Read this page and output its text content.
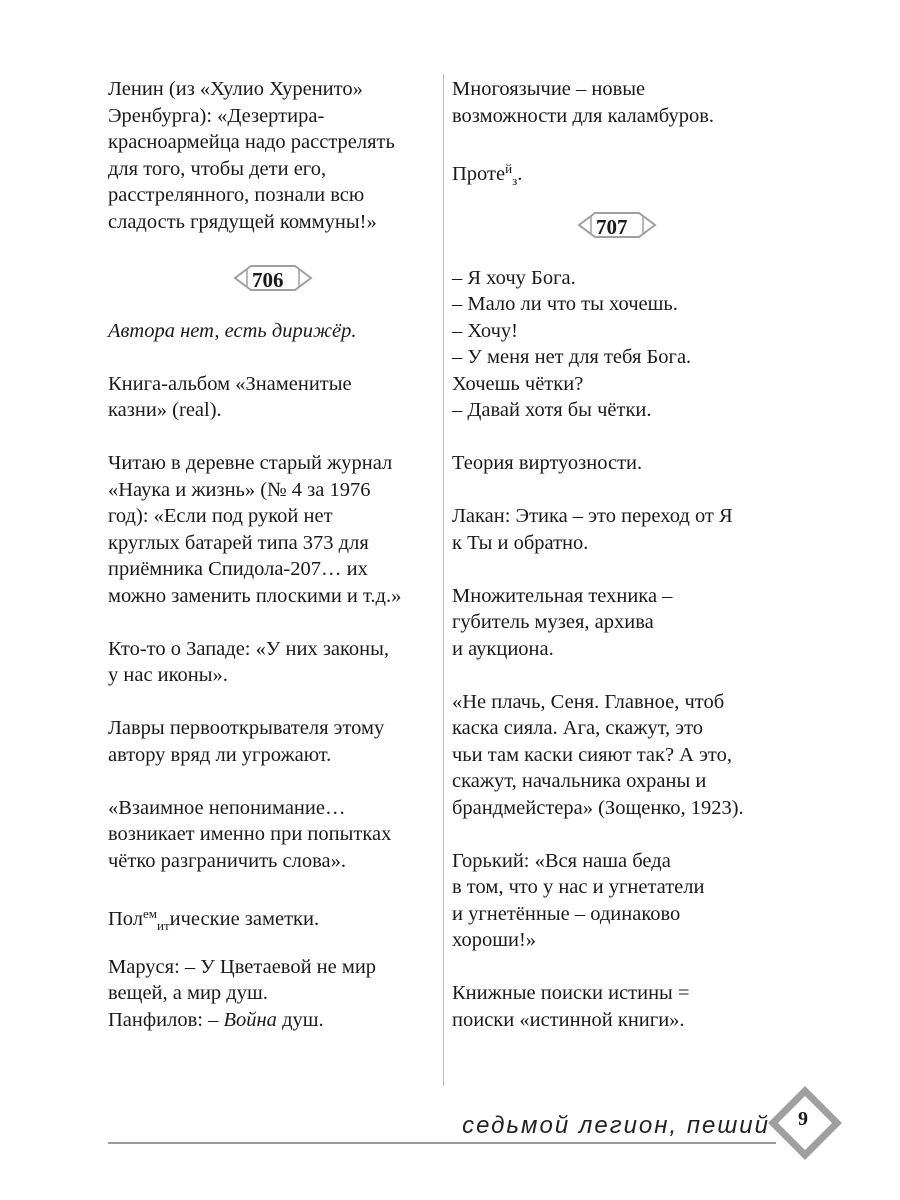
Ленин (из «Хулио Хуренито»
Эренбурга): «Дезертира-
красноармейца надо расстрелять
для того, чтобы дети его,
расстрелянного, познали всю
сладость грядущей коммуны!»
706
Автора нет, есть дирижёр.
Книга-альбом «Знаменитые
казни» (real).
Читаю в деревне старый журнал
«Наука и жизнь» (№ 4 за 1976
год): «Если под рукой нет
круглых батарей типа 373 для
приёмника Спидола-207… их
можно заменить плоскими и т.д.»
Кто-то о Западе: «У них законы,
у нас иконы».
Лавры первооткрывателя этому
автору вряд ли угрожают.
«Взаимное непонимание…
возникает именно при попытках
чётко разграничить слова».
Пол$^{ем}_{ит}$ические заметки.
Маруся: – У Цветаевой не мир
вещей, а мир душ.
Панфилов: – Война душ.
Многоязычие – новые
возможности для каламбуров.
Проте$^й_з$.
707
– Я хочу Бога.
– Мало ли что ты хочешь.
– Хочу!
– У меня нет для тебя Бога.
Хочешь чётки?
– Давай хотя бы чётки.
Теория виртуозности.
Лакан: Этика – это переход от Я
к Ты и обратно.
Множительная техника –
губитель музея, архива
и аукциона.
«Не плачь, Сеня. Главное, чтоб
каска сияла. Ага, скажут, это
чьи там каски сияют так? А это,
скажут, начальника охраны и
брандмейстера» (Зощенко, 1923).
Горький: «Вся наша беда
в том, что у нас и угнетатели
и угнетённые – одинаково
хороши!»
Книжные поиски истины =
поиски «истинной книги».
седьмой легион, пеший 9
